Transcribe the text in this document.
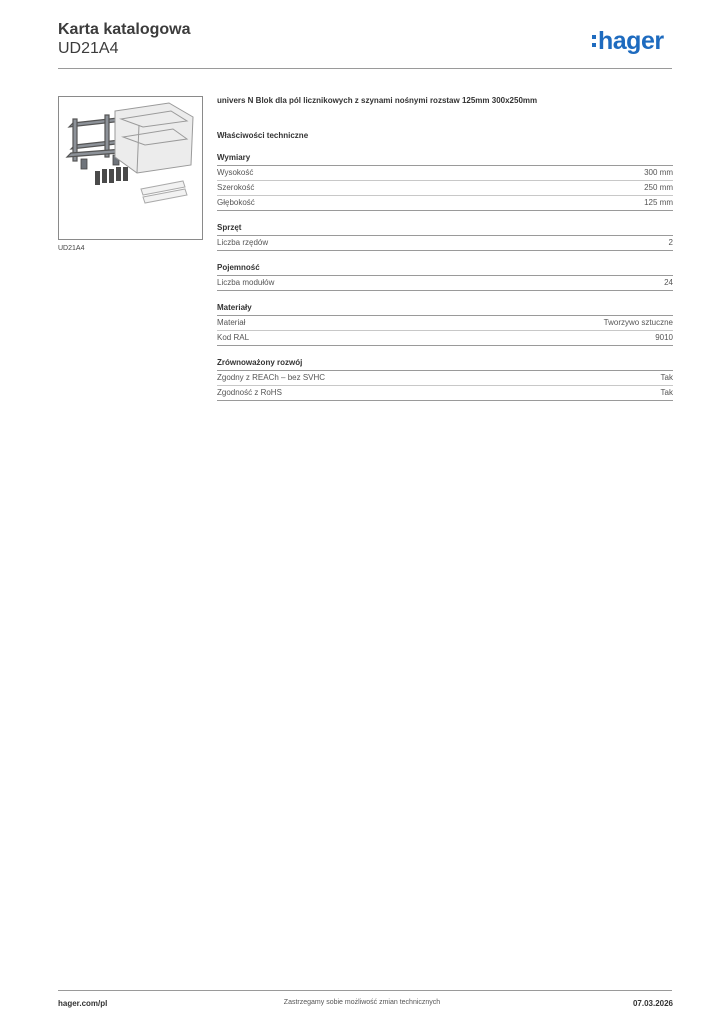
Karta katalogowa
UD21A4	hager
UD21A4
univers N Blok dla pól licznikowych z szynami nośnymi rozstaw 125mm 300x250mm
Właściwości techniczne
Wymiary
Wysokość	300 mm
Szerokość	250 mm
Głębokość	125 mm
Sprzęt
Liczba rzędów	2
Pojemność
Liczba modułów	24
Materiały
Materiał	Tworzywo sztuczne
Kod RAL	9010
Zrównoważony rozwój
Zgodny z REACh – bez SVHC	Tak
Zgodność z RoHS	Tak
hager.com/pl	Zastrzegamy sobie możliwość zmian technicznych	07.03.2026
